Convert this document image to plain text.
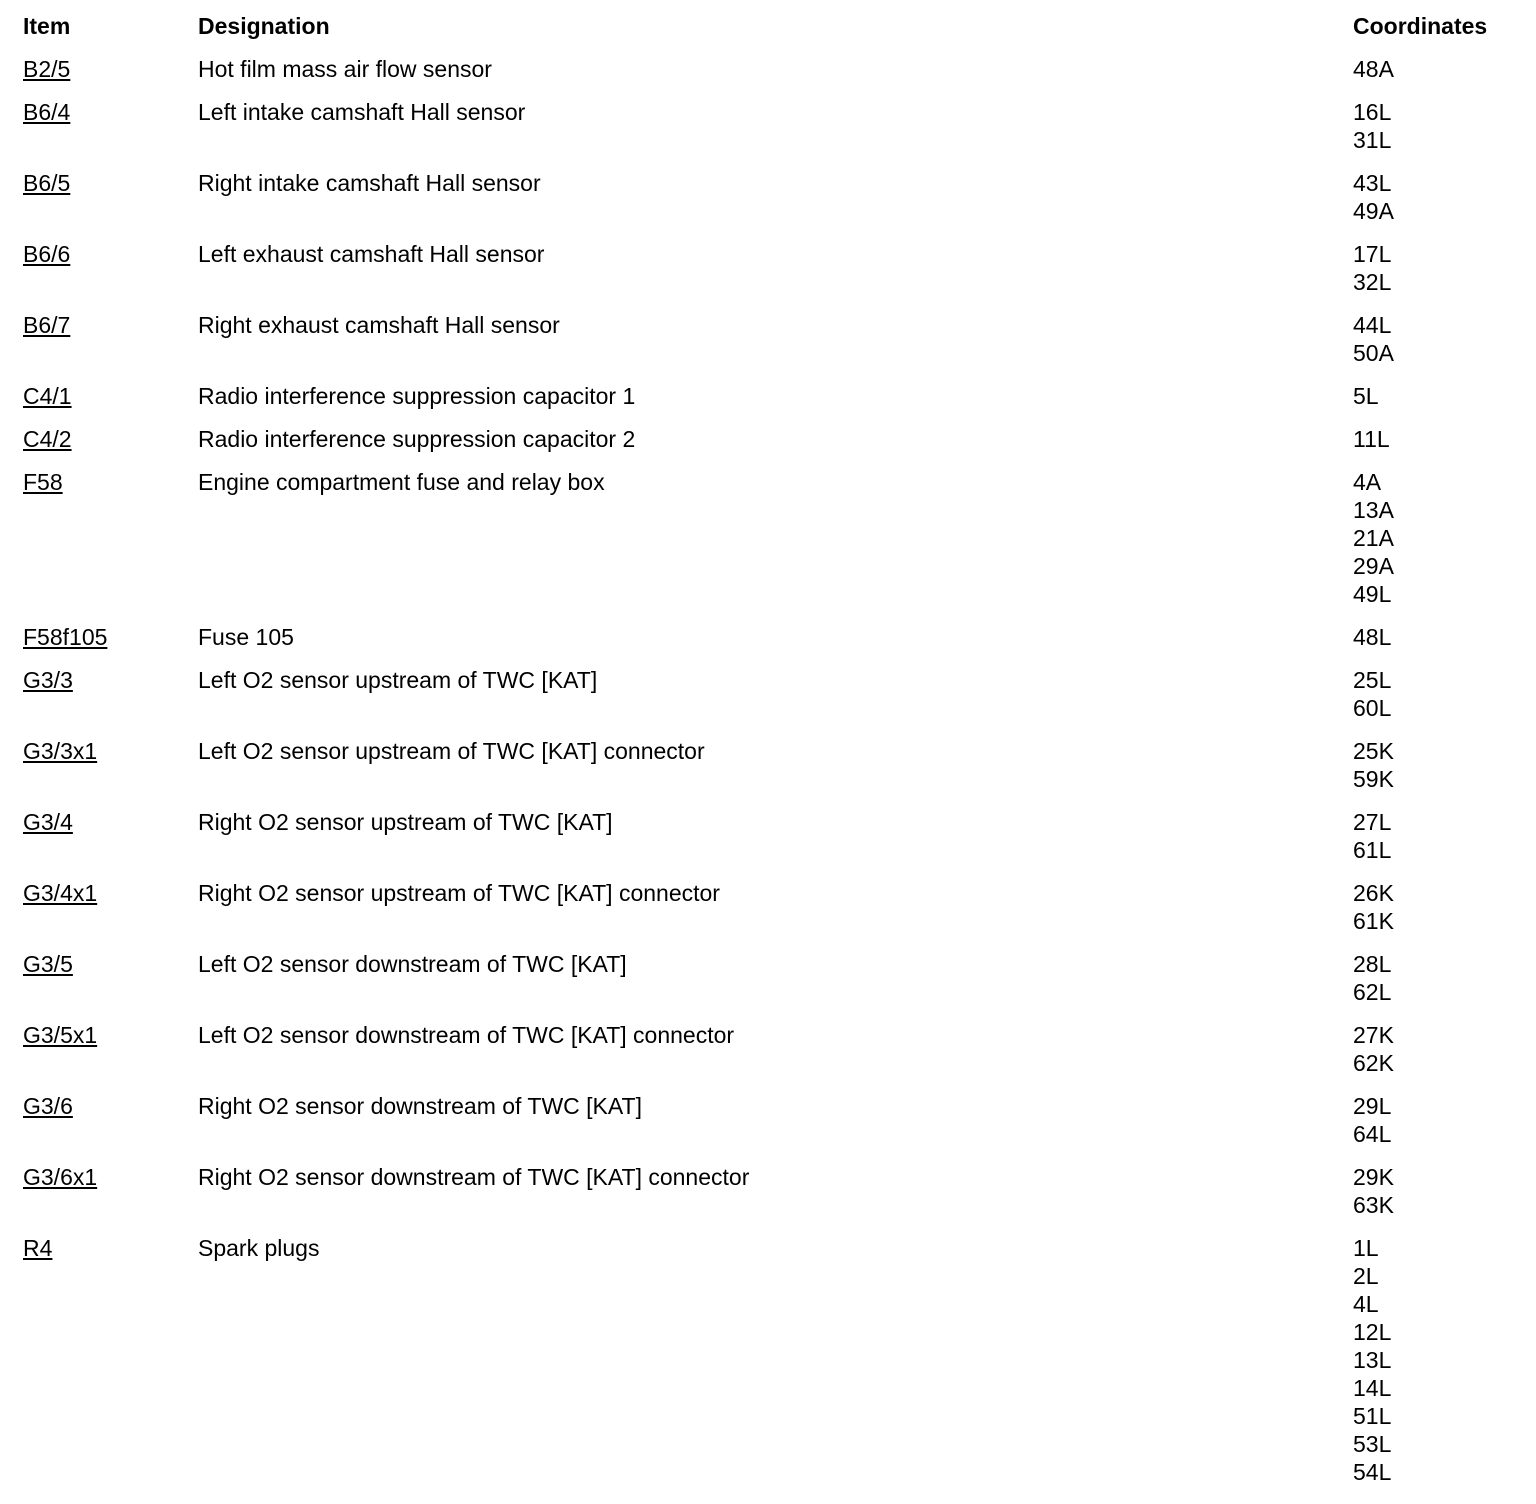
Item	Designation	Coordinates
B2/5	Hot film mass air flow sensor	48A
B6/4	Left intake camshaft Hall sensor	16L
31L
B6/5	Right intake camshaft Hall sensor	43L
49A
B6/6	Left exhaust camshaft Hall sensor	17L
32L
B6/7	Right exhaust camshaft Hall sensor	44L
50A
C4/1	Radio interference suppression capacitor 1	5L
C4/2	Radio interference suppression capacitor 2	11L
F58	Engine compartment fuse and relay box	4A
13A
21A
29A
49L
F58f105	Fuse 105	48L
G3/3	Left O2 sensor upstream of TWC [KAT]	25L
60L
G3/3x1	Left O2 sensor upstream of TWC [KAT] connector	25K
59K
G3/4	Right O2 sensor upstream of TWC [KAT]	27L
61L
G3/4x1	Right O2 sensor upstream of TWC [KAT] connector	26K
61K
G3/5	Left O2 sensor downstream of TWC [KAT]	28L
62L
G3/5x1	Left O2 sensor downstream of TWC [KAT] connector	27K
62K
G3/6	Right O2 sensor downstream of TWC [KAT]	29L
64L
G3/6x1	Right O2 sensor downstream of TWC [KAT] connector	29K
63K
R4	Spark plugs	1L
2L
4L
12L
13L
14L
51L
53L
54L
